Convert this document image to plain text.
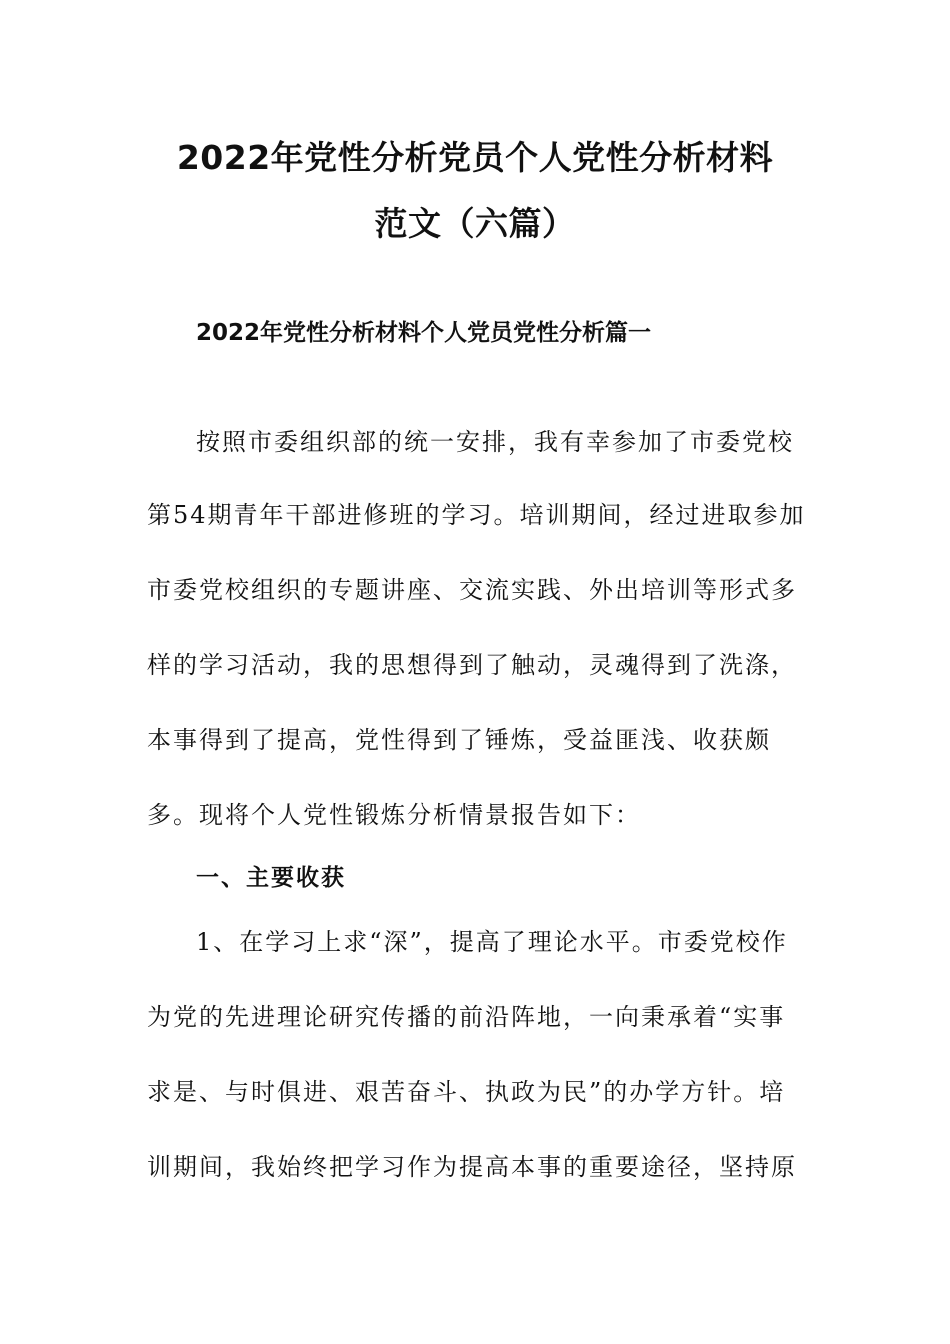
2022年党性分析党员个人党性分析材料
范文（六篇）
2022年党性分析材料个人党员党性分析篇一
按照市委组织部的统一安排，我有幸参加了市委党校
第54期青年干部进修班的学习。培训期间，经过进取参加
市委党校组织的专题讲座、交流实践、外出培训等形式多
样的学习活动，我的思想得到了触动，灵魂得到了洗涤，
本事得到了提高，党性得到了锤炼，受益匪浅、收获颇
多。现将个人党性锻炼分析情景报告如下：
一、主要收获
1、在学习上求“深”，提高了理论水平。市委党校作
为党的先进理论研究传播的前沿阵地，一向秉承着“实事
求是、与时俱进、艰苦奋斗、执政为民”的办学方针。培
训期间，我始终把学习作为提高本事的重要途径，坚持原
